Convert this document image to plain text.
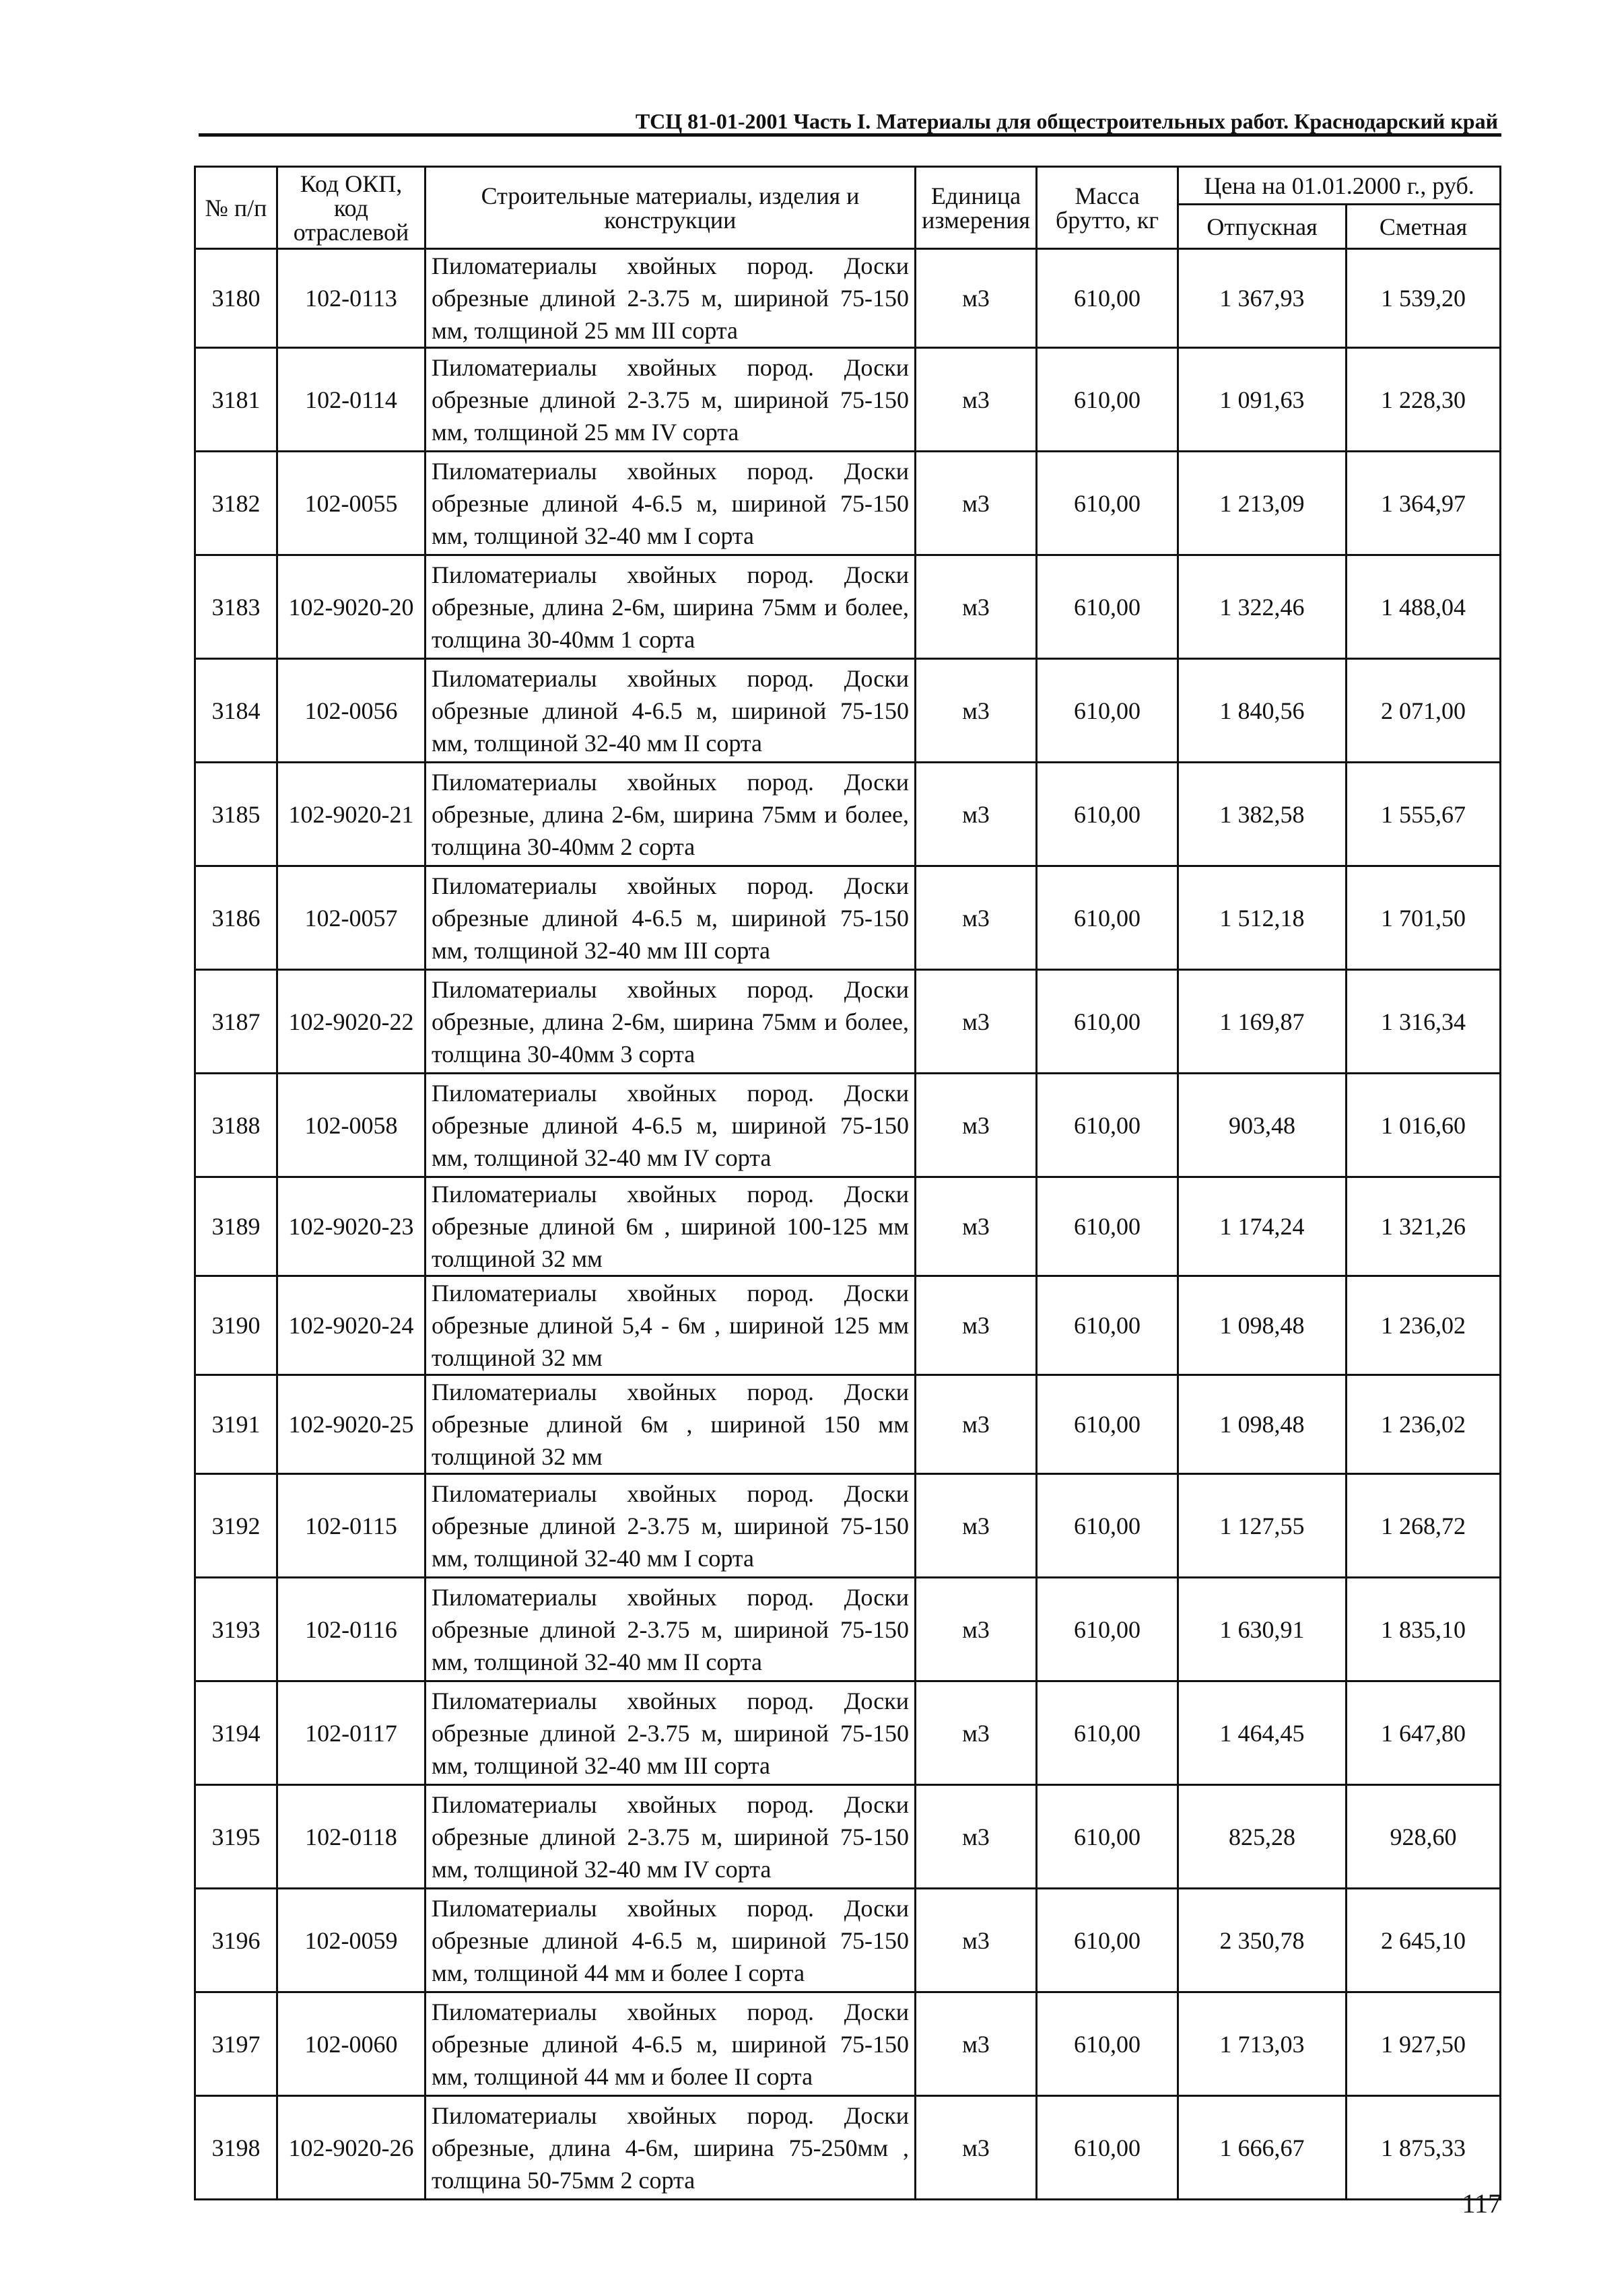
ТСЦ 81-01-2001 Часть I. Материалы для общестроительных работ. Краснодарский край
№ п/п	Код ОКП, код отраслевой	Строительные материалы, изделия и конструкции	Единица измерения	Масса брутто, кг	Цена на 01.01.2000 г., руб.	
					Отпускная	Сметная
3180	102-0113	Пиломатериалы хвойных пород. Доски обрезные длиной 2-3.75 м, шириной 75-150 мм, толщиной 25 мм III сорта	м3	610,00	1 367,93	1 539,20
3181	102-0114	Пиломатериалы хвойных пород. Доски обрезные длиной 2-3.75 м, шириной 75-150 мм, толщиной 25 мм IV сорта	м3	610,00	1 091,63	1 228,30
3182	102-0055	Пиломатериалы хвойных пород. Доски обрезные длиной 4-6.5 м, шириной 75-150 мм, толщиной 32-40 мм I сорта	м3	610,00	1 213,09	1 364,97
3183	102-9020-20	Пиломатериалы хвойных пород. Доски обрезные, длина 2-6м, ширина 75мм и более, толщина 30-40мм 1 сорта	м3	610,00	1 322,46	1 488,04
3184	102-0056	Пиломатериалы хвойных пород. Доски обрезные длиной 4-6.5 м, шириной 75-150 мм, толщиной 32-40 мм II сорта	м3	610,00	1 840,56	2 071,00
3185	102-9020-21	Пиломатериалы хвойных пород. Доски обрезные, длина 2-6м, ширина 75мм и более, толщина 30-40мм 2 сорта	м3	610,00	1 382,58	1 555,67
3186	102-0057	Пиломатериалы хвойных пород. Доски обрезные длиной 4-6.5 м, шириной 75-150 мм, толщиной 32-40 мм III сорта	м3	610,00	1 512,18	1 701,50
3187	102-9020-22	Пиломатериалы хвойных пород. Доски обрезные, длина 2-6м, ширина 75мм и более, толщина 30-40мм 3 сорта	м3	610,00	1 169,87	1 316,34
3188	102-0058	Пиломатериалы хвойных пород. Доски обрезные длиной 4-6.5 м, шириной 75-150 мм, толщиной 32-40 мм IV сорта	м3	610,00	903,48	1 016,60
3189	102-9020-23	Пиломатериалы хвойных пород. Доски обрезные длиной 6м , шириной 100-125 мм толщиной 32 мм	м3	610,00	1 174,24	1 321,26
3190	102-9020-24	Пиломатериалы хвойных пород. Доски обрезные длиной 5,4 - 6м , шириной 125 мм толщиной 32 мм	м3	610,00	1 098,48	1 236,02
3191	102-9020-25	Пиломатериалы хвойных пород. Доски обрезные длиной 6м , шириной 150 мм толщиной 32 мм	м3	610,00	1 098,48	1 236,02
3192	102-0115	Пиломатериалы хвойных пород. Доски обрезные длиной 2-3.75 м, шириной 75-150 мм, толщиной 32-40 мм I сорта	м3	610,00	1 127,55	1 268,72
3193	102-0116	Пиломатериалы хвойных пород. Доски обрезные длиной 2-3.75 м, шириной 75-150 мм, толщиной 32-40 мм II сорта	м3	610,00	1 630,91	1 835,10
3194	102-0117	Пиломатериалы хвойных пород. Доски обрезные длиной 2-3.75 м, шириной 75-150 мм, толщиной 32-40 мм III сорта	м3	610,00	1 464,45	1 647,80
3195	102-0118	Пиломатериалы хвойных пород. Доски обрезные длиной 2-3.75 м, шириной 75-150 мм, толщиной 32-40 мм IV сорта	м3	610,00	825,28	928,60
3196	102-0059	Пиломатериалы хвойных пород. Доски обрезные длиной 4-6.5 м, шириной 75-150 мм, толщиной 44 мм и более I сорта	м3	610,00	2 350,78	2 645,10
3197	102-0060	Пиломатериалы хвойных пород. Доски обрезные длиной 4-6.5 м, шириной 75-150 мм, толщиной 44 мм и более II сорта	м3	610,00	1 713,03	1 927,50
3198	102-9020-26	Пиломатериалы хвойных пород. Доски обрезные, длина 4-6м, ширина 75-250мм , толщина 50-75мм 2 сорта	м3	610,00	1 666,67	1 875,33
117
